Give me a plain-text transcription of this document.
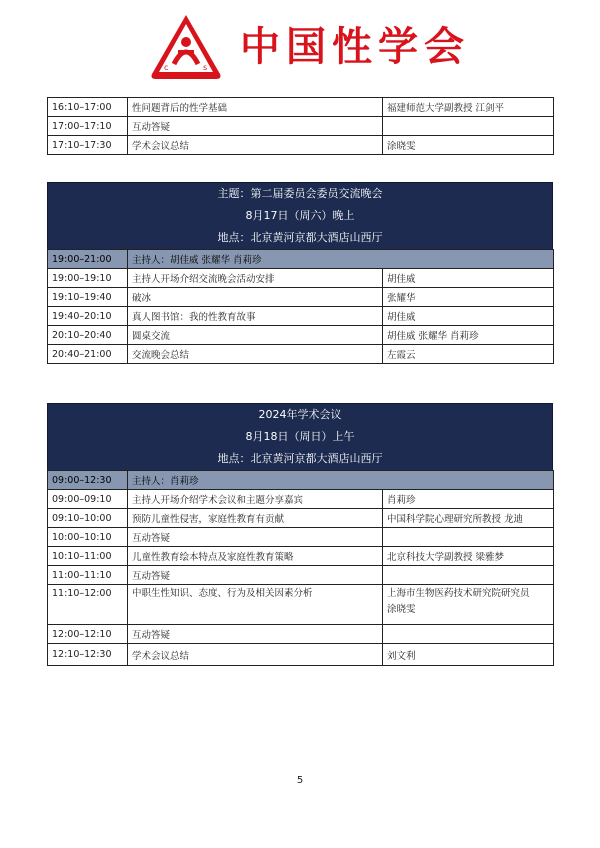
c	s 中国性学会
16:10–17:00	性问题背后的性学基础	福建师范大学副教授 江剑平
17:00–17:10	互动答疑	
17:10–17:30	学术会议总结	涂晓雯
主题：第二届委员会委员交流晚会
8月17日（周六）晚上
地点：北京黄河京都大酒店山西厅
19:00–21:00	主持人：胡佳威 张耀华 肖莉珍	
19:00–19:10	主持人开场介绍交流晚会活动安排	胡佳威
19:10–19:40	破冰	张耀华
19:40–20:10	真人图书馆：我的性教育故事	胡佳威
20:10–20:40	圆桌交流	胡佳威 张耀华 肖莉珍
20:40–21:00	交流晚会总结	左霞云
2024年学术会议
8月18日（周日）上午
地点：北京黄河京都大酒店山西厅
09:00–12:30	主持人：肖莉珍	
09:00–09:10	主持人开场介绍学术会议和主题分享嘉宾	肖莉珍
09:10–10:00	预防儿童性侵害，家庭性教育有贡献	中国科学院心理研究所教授 龙迪
10:00–10:10	互动答疑	
10:10–11:00	儿童性教育绘本特点及家庭性教育策略	北京科技大学副教授 梁雅梦
11:00–11:10	互动答疑	
11:10–12:00	中职生性知识、态度、行为及相关因素分析	上海市生物医药技术研究院研究员
涂晓雯

12:00–12:10	互动答疑	
12:10–12:30	学术会议总结	刘文利
5
